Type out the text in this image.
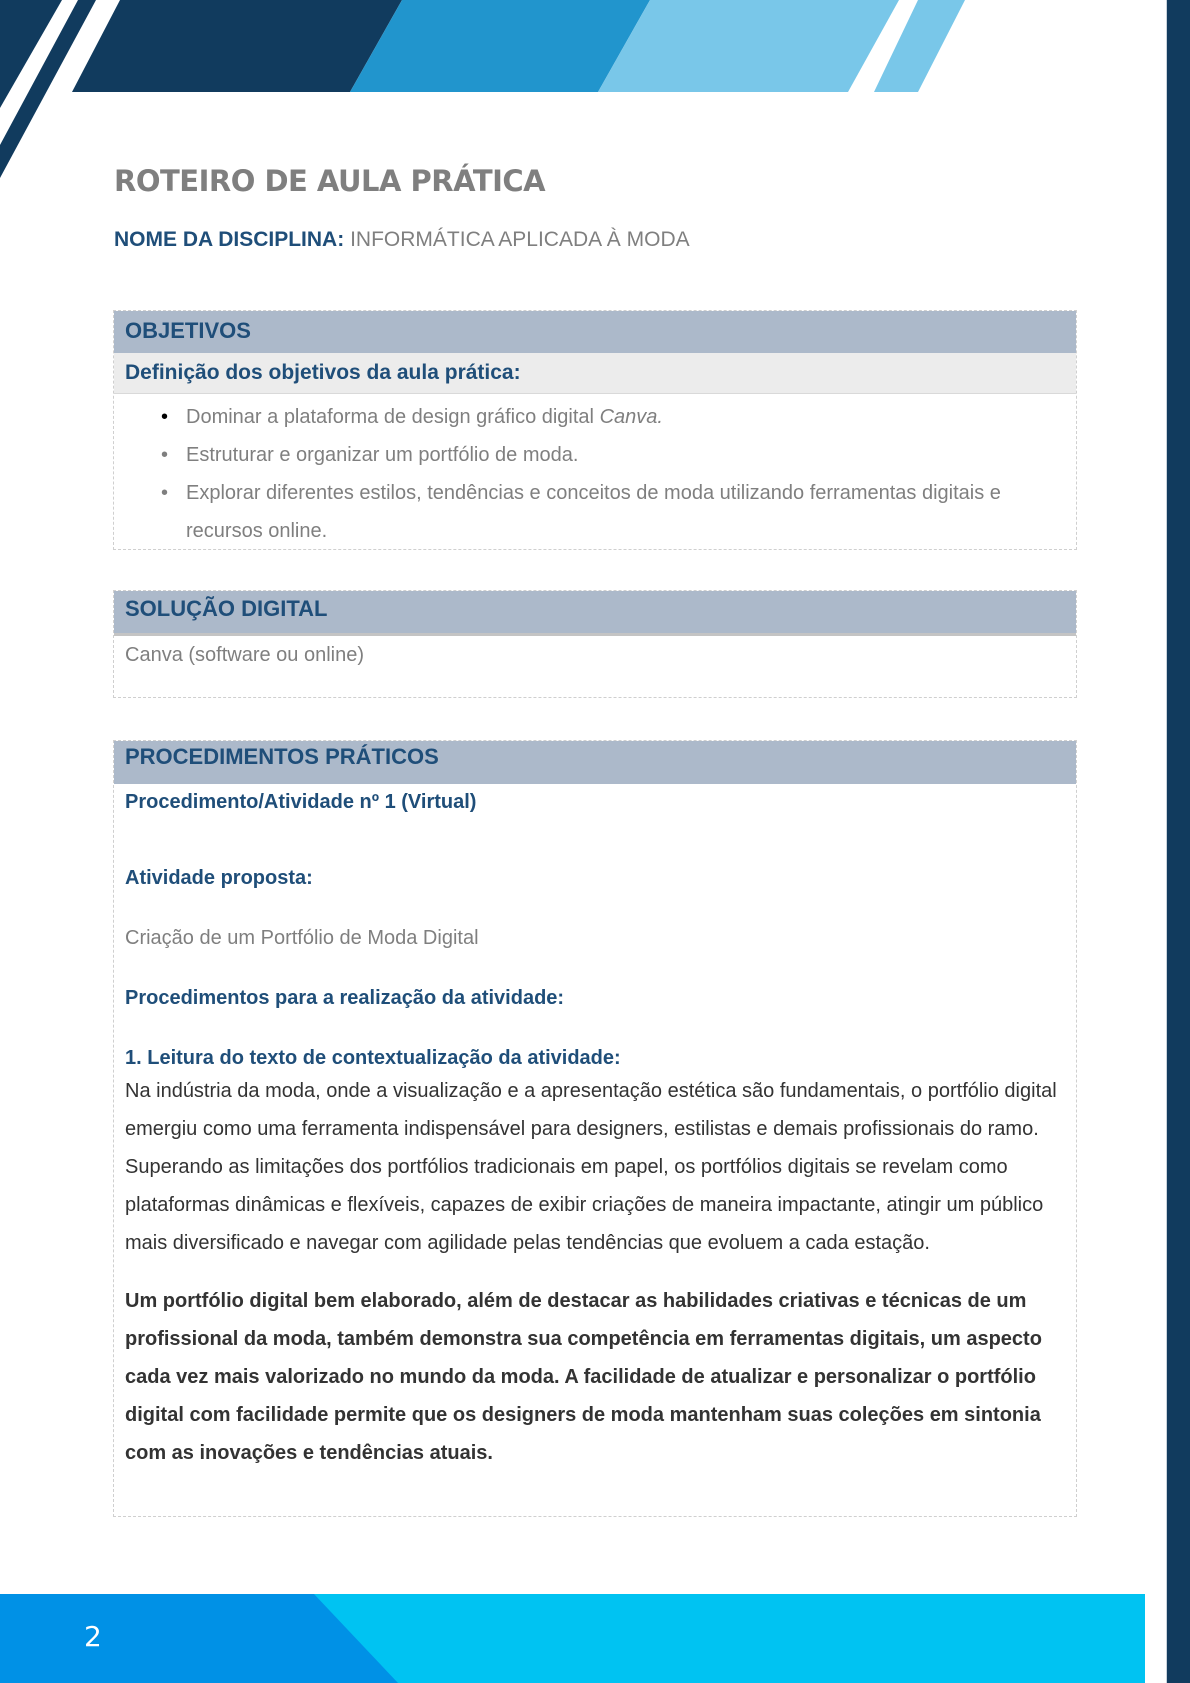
ROTEIRO DE AULA PRÁTICA
NOME DA DISCIPLINA: INFORMÁTICA APLICADA À MODA
OBJETIVOS
Definição dos objetivos da aula prática:
• Dominar a plataforma de design gráfico digital Canva.
• Estruturar e organizar um portfólio de moda.
• Explorar diferentes estilos, tendências e conceitos de moda utilizando ferramentas digitais e recursos online.
SOLUÇÃO DIGITAL
Canva (software ou online)
PROCEDIMENTOS PRÁTICOS
Procedimento/Atividade nº 1 (Virtual)
Atividade proposta:
Criação de um Portfólio de Moda Digital
Procedimentos para a realização da atividade:
1. Leitura do texto de contextualização da atividade:

Na indústria da moda, onde a visualização e a apresentação estética são fundamentais, o portfólio digital emergiu como uma ferramenta indispensável para designers, estilistas e demais profissionais do ramo. Superando as limitações dos portfólios tradicionais em papel, os portfólios digitais se revelam como plataformas dinâmicas e flexíveis, capazes de exibir criações de maneira impactante, atingir um público mais diversificado e navegar com agilidade pelas tendências que evoluem a cada estação.

Um portfólio digital bem elaborado, além de destacar as habilidades criativas e técnicas de um profissional da moda, também demonstra sua competência em ferramentas digitais, um aspecto cada vez mais valorizado no mundo da moda. A facilidade de atualizar e personalizar o portfólio digital com facilidade permite que os designers de moda mantenham suas coleções em sintonia com as inovações e tendências atuais.

2
